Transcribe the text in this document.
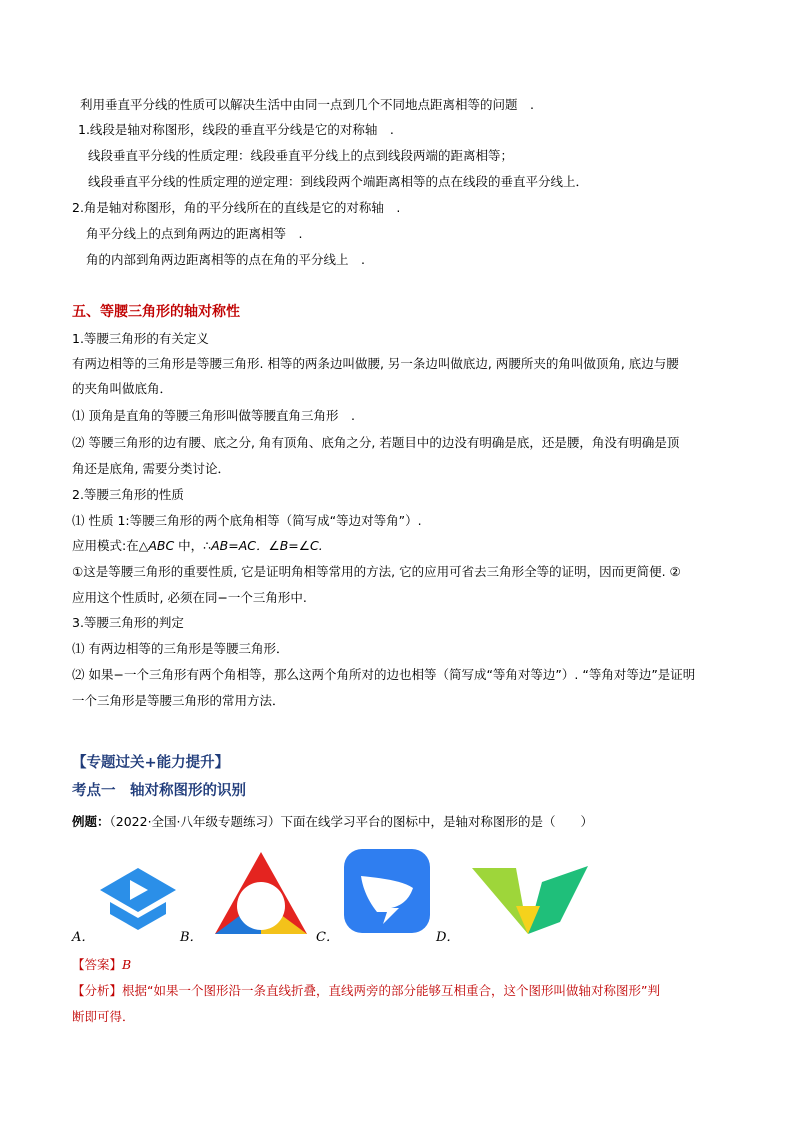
利用垂直平分线的性质可以解决生活中由同一点到几个不同地点距离相等的问题　.
1.线段是轴对称图形，线段的垂直平分线是它的对称轴　.
线段垂直平分线的性质定理：线段垂直平分线上的点到线段两端的距离相等；
线段垂直平分线的性质定理的逆定理：到线段两个端距离相等的点在线段的垂直平分线上．
2.角是轴对称图形，角的平分线所在的直线是它的对称轴　.
角平分线上的点到角两边的距离相等　.
角的内部到角两边距离相等的点在角的平分线上　.
五、等腰三角形的轴对称性
1.等腰三角形的有关定义
有两边相等的三角形是等腰三角形. 相等的两条边叫做腰, 另一条边叫做底边, 两腰所夹的角叫做顶角, 底边与腰
的夹角叫做底角．
⑴ 顶角是直角的等腰三角形叫做等腰直角三角形　.
⑵ 等腰三角形的边有腰、底之分, 角有顶角、底角之分, 若题目中的边没有明确是底，还是腰，角没有明确是顶
角还是底角, 需要分类讨论．
2.等腰三角形的性质
⑴ 性质 1:等腰三角形的两个底角相等（简写成“等边对等角”）.
应用模式:在△ABC 中，∴AB=AC．∠B=∠C.
①这是等腰三角形的重要性质, 它是证明角相等常用的方法, 它的应用可省去三角形全等的证明，因而更简便. ②
应用这个性质时, 必须在同−一个三角形中.
3.等腰三角形的判定
⑴ 有两边相等的三角形是等腰三角形．
⑵ 如果−一个三角形有两个角相等，那么这两个角所对的边也相等（简写成“等角对等边”）. “等角对等边”是证明
一个三角形是等腰三角形的常用方法．
【专题过关+能力提升】
考点一　轴对称图形的识别
例题：（2022·全国·八年级专题练习）下面在线学习平台的图标中，是轴对称图形的是（　　）
A．	B．	C．	D．
【答案】B
【分析】根据“如果一个图形沿一条直线折叠，直线两旁的部分能够互相重合，这个图形叫做轴对称图形”判
断即可得．
